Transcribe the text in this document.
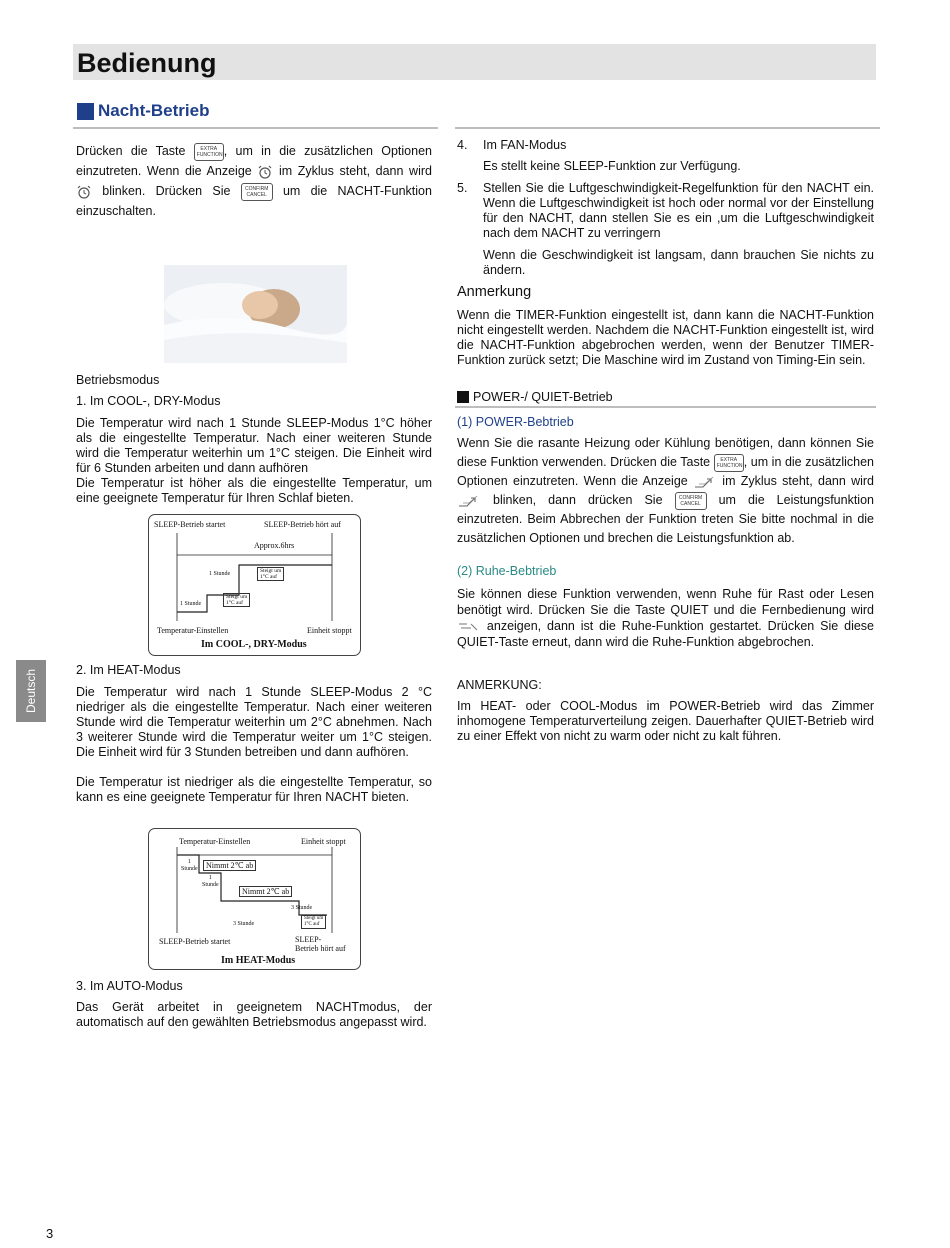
Bedienung
Nacht-Betrieb
Drücken die Taste	EXTRA FUNCTION, um in die zusätzlichen Optionen einzutreten. Wenn die Anzeige im Zyklus steht, dann wird  blinken. Drücken Sie	CONFIRM
CANCEL um die NACHT-Funktion einzuschalten.
Betriebsmodus
1. Im COOL-, DRY-Modus
Die Temperatur wird nach 1 Stunde SLEEP-Modus 1°C höher als die eingestellte Temperatur. Nach einer weiteren Stunde wird die Temperatur weiterhin um 1°C steigen. Die Einheit wird für 6 Stunden arbeiten und dann aufhören
Die Temperatur ist höher als die eingestellte Temperatur, um eine geeignete Temperatur für Ihren Schlaf bieten.
SLEEP-Betrieb startet	SLEEP-Betrieb hört auf
Approx.6hrs
1 Stunde	Steigt um
1°C auf
Steigt um
1°C auf
1 Stunde
Temperatur-Einstellen	Einheit stoppt
Im COOL-, DRY-Modus
2. Im HEAT-Modus
Die Temperatur wird nach 1 Stunde SLEEP-Modus 2 °C niedriger als die eingestellte Temperatur. Nach einer weiteren Stunde wird die Temperatur weiterhin um 2°C abnehmen. Nach 3 weiterer Stunde wird die Temperatur weiter um 1°C steigen. Die Einheit wird für 3 Stunden betreiben und dann aufhören.
Die Temperatur ist niedriger als die eingestellte Temperatur, so kann es eine geeignete Temperatur für Ihren NACHT bieten.
Temperatur-Einstellen	Einheit stoppt
1
Stunde	Nimmt 2℃ ab
1
Stunde
Nimmt 2℃ ab
3 Stunde
3 Stunde
Steigt um
1°C auf
SLEEP-Betrieb startet	SLEEP-
Betrieb hört auf
Im HEAT-Modus
3. Im AUTO-Modus
Das Gerät arbeitet in geeignetem NACHTmodus, der automatisch auf den gewählten Betriebsmodus angepasst wird.
Deutsch
3
4. Im FAN-Modus
Es stellt keine SLEEP-Funktion zur Verfügung.
5. Stellen Sie die Luftgeschwindigkeit-Regelfunktion für den NACHT ein. Wenn die Luftgeschwindigkeit ist hoch oder normal vor der Einstellung für den NACHT, dann stellen Sie es ein ,um die Luftgeschwindigkeit nach dem NACHT zu verringern
Wenn die Geschwindigkeit ist langsam, dann brauchen Sie nichts zu ändern.
Anmerkung
Wenn die TIMER-Funktion eingestellt ist, dann kann die NACHT-Funktion nicht eingestellt werden. Nachdem die NACHT-Funktion eingestellt ist, wird die NACHT-Funktion abgebrochen werden, wenn der Benutzer TIMER-Funktion zurück setzt; Die Maschine wird im Zustand von Timing-Ein sein.
POWER-/ QUIET-Betrieb
(1) POWER-Bebtrieb
Wenn Sie die rasante Heizung oder Kühlung benötigen, dann können Sie diese Funktion verwenden. Drücken die Taste EXTRA FUNCTION, um in die zusätzlichen Optionen einzutreten. Wenn die Anzeige	im Zyklus steht, dann wird  blinken, dann drücken Sie	CONFIRM
CANCEL um die Leistungsfunktion einzutreten. Beim Abbrechen der Funktion treten Sie bitte nochmal in die zusätzlichen Optionen und brechen die Leistungsfunktion ab.
(2) Ruhe-Bebtrieb
Sie können diese Funktion verwenden, wenn Ruhe für Rast oder Lesen benötigt wird. Drücken Sie die Taste QUIET und die Fernbedienung wird  anzeigen, dann ist die Ruhe-Funktion gestartet. Drücken Sie diese QUIET-Taste erneut, dann wird die Ruhe-Funktion abgebrochen.
ANMERKUNG:
Im HEAT- oder COOL-Modus im POWER-Betrieb wird das Zimmer inhomogene Temperaturverteilung zeigen. Dauerhafter QUIET-Betrieb wird zu einer Effekt von nicht zu warm oder nicht zu kalt führen.
